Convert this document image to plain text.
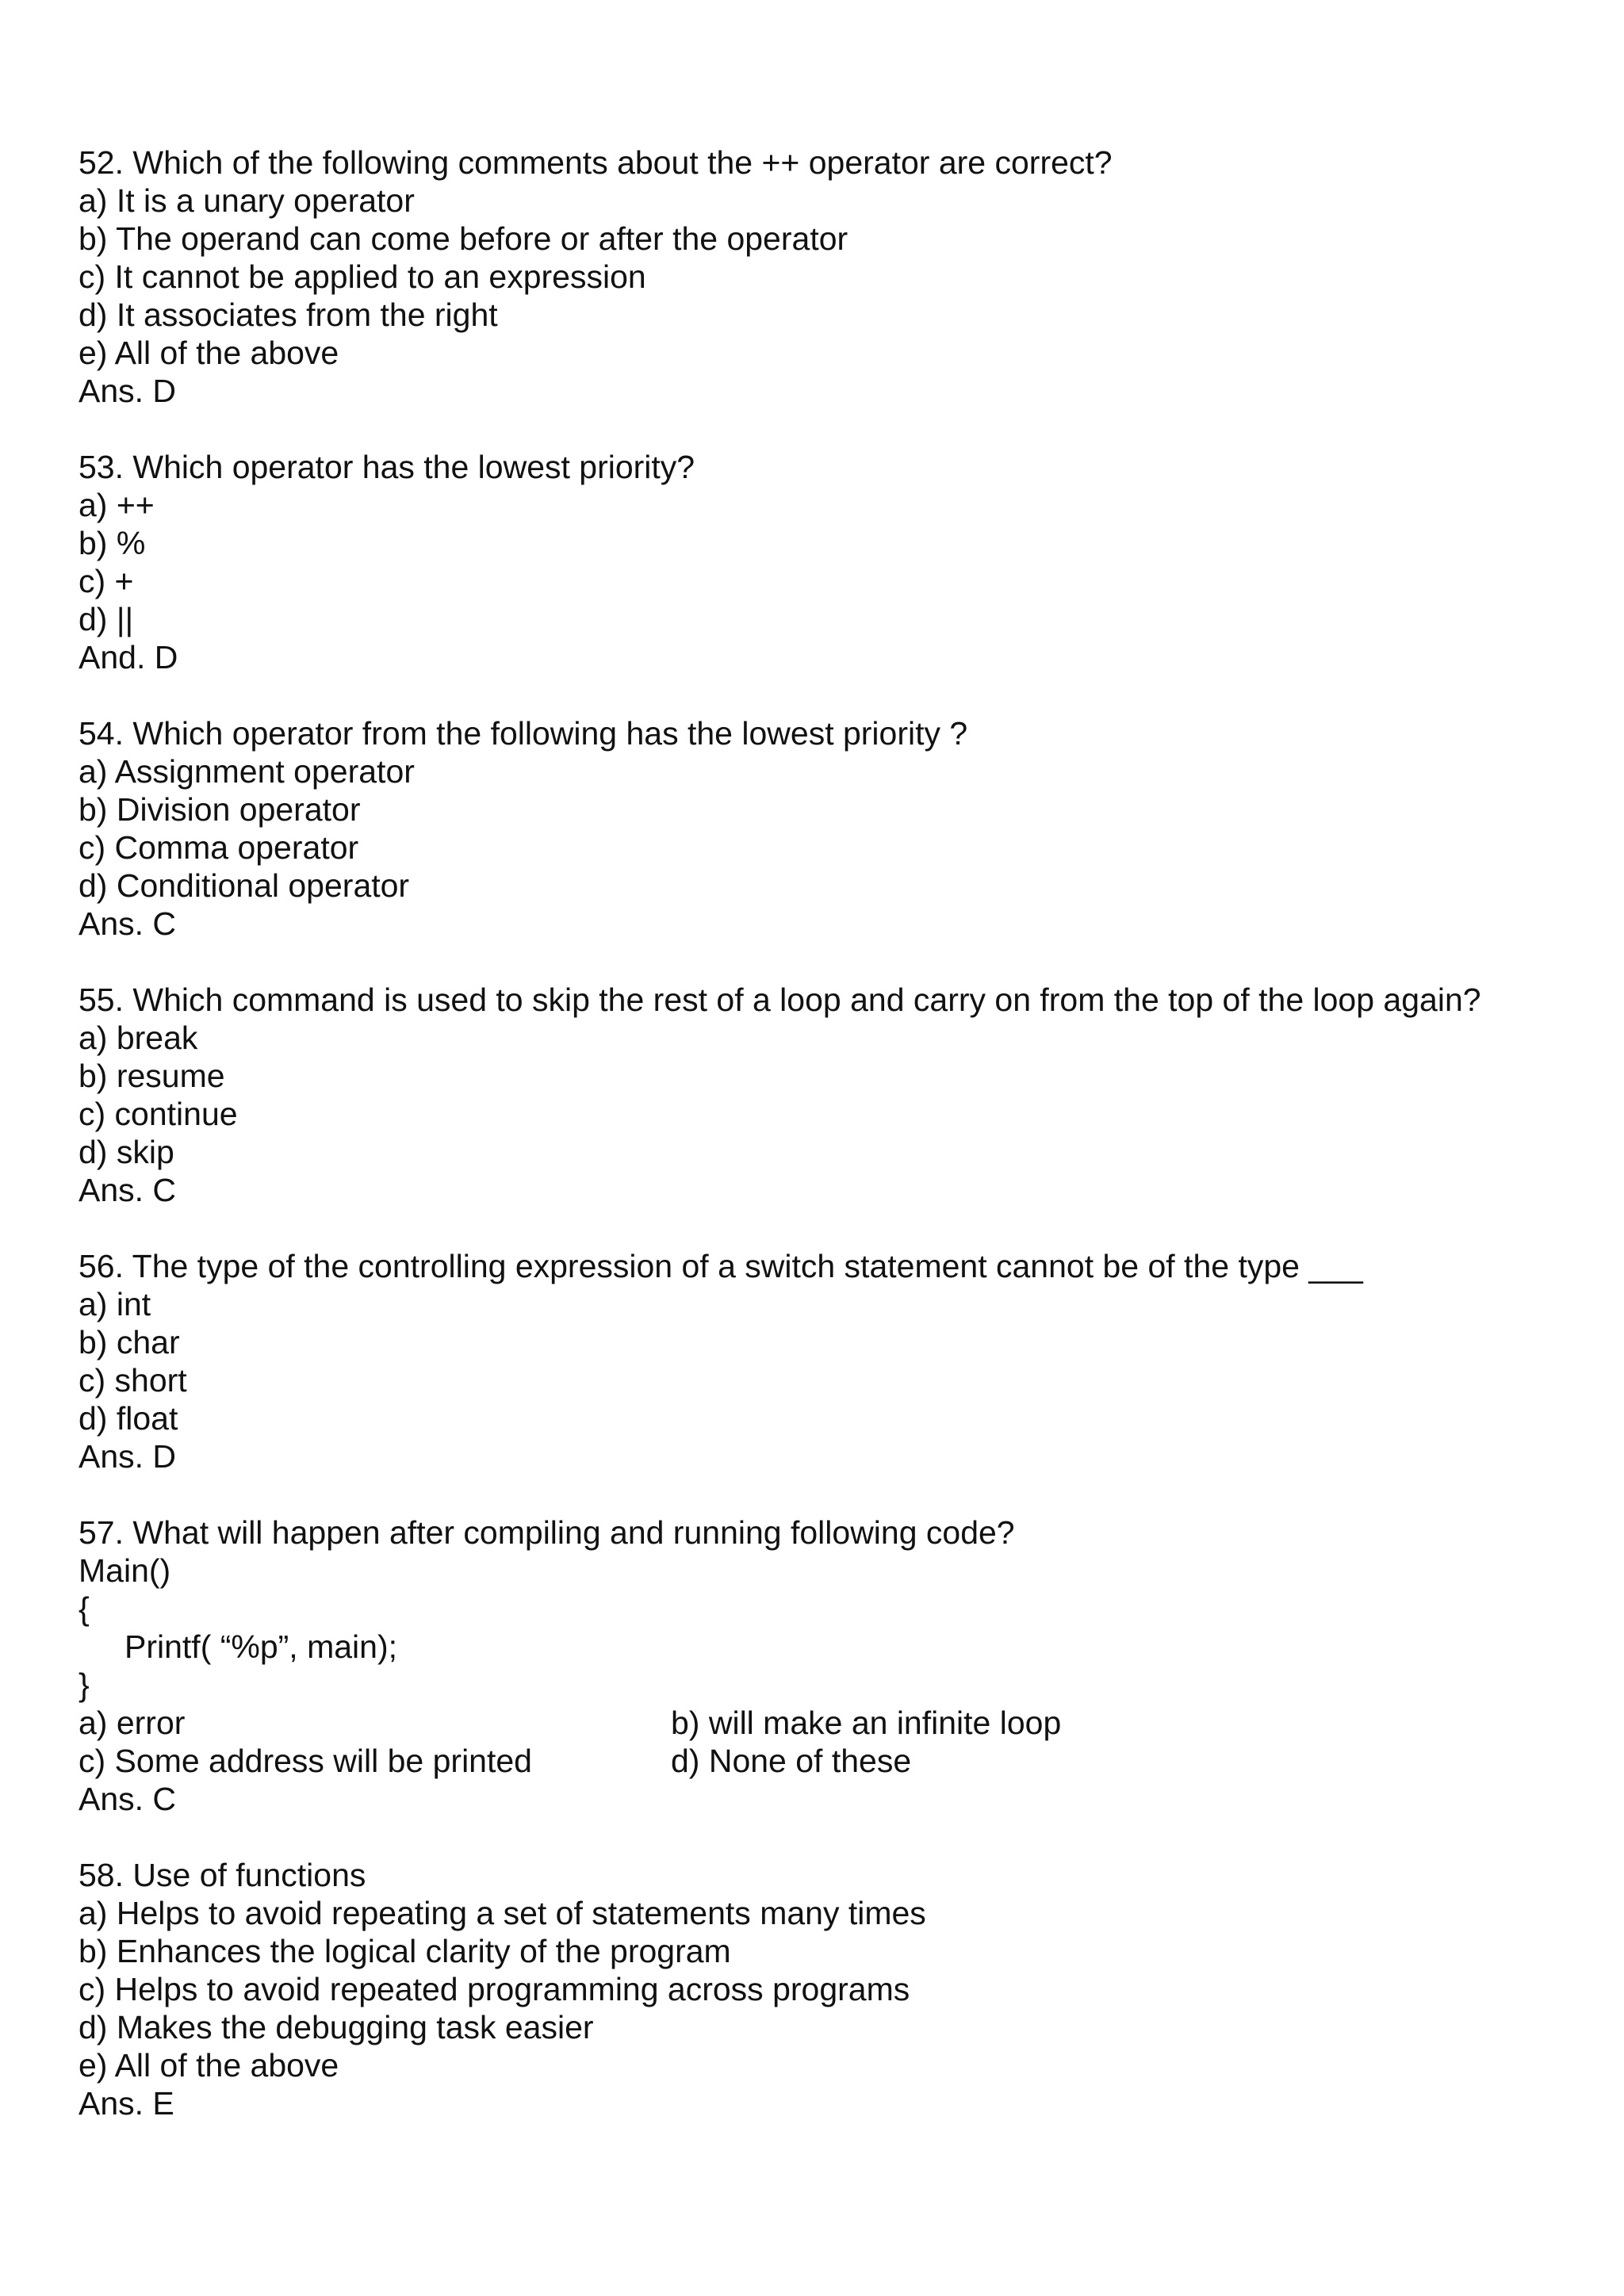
52. Which of the following comments about the ++ operator are correct?
a) It is a unary operator
b) The operand can come before or after the operator
c) It cannot be applied to an expression
d) It associates from the right
e) All of the above
Ans. D
53. Which operator has the lowest priority?
a) ++
b) %
c) +
d) ||
And. D
54. Which operator from the following has the lowest priority ?
a) Assignment operator
b) Division operator
c) Comma operator
d) Conditional operator
Ans. C
55. Which command is used to skip the rest of a loop and carry on from the top of the loop again?
a) break
b) resume
c) continue
d) skip
Ans. C
56. The type of the controlling expression of a switch statement cannot be of the type ___
a) int
b) char
c) short
d) float
Ans. D
57. What will happen after compiling and running following code?
Main()
{
Printf( “%p”, main);
}
a) error	b) will make an infinite loop
c) Some address will be printed	d) None of these
Ans. C
58. Use of functions
a) Helps to avoid repeating a set of statements many times
b) Enhances the logical clarity of the program
c) Helps to avoid repeated programming across programs
d) Makes the debugging task easier
e) All of the above
Ans. E
